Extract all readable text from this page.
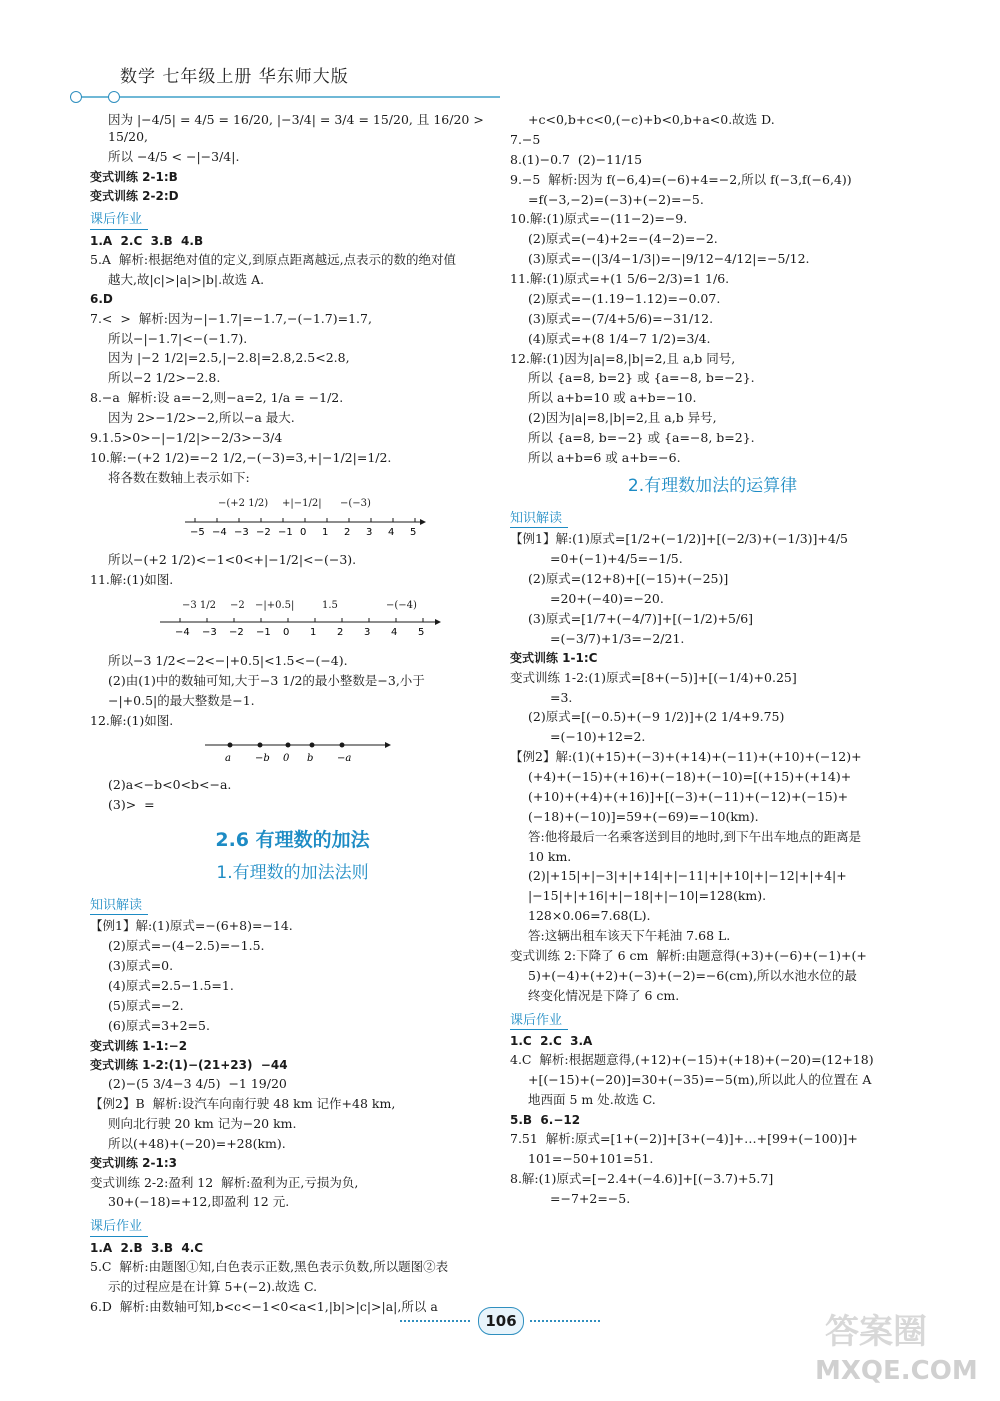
数学 七年级上册 华东师大版

因为 |−4/5| = 4/5 = 16/20, |−3/4| = 3/4 = 15/20, 且 16/20 > 15/20,

所以 −4/5 < −|−3/4|.

变式训练 2-1:B

变式训练 2-2:D

课后作业

1.A  2.C  3.B  4.B

5.A  解析:根据绝对值的定义,到原点距离越远,点表示的数的绝对值

越大,故|c|>|a|>|b|.故选 A.

6.D

7.<  >  解析:因为−|−1.7|=−1.7,−(−1.7)=1.7,

所以−|−1.7|<−(−1.7).

因为 |−2 1/2|=2.5,|−2.8|=2.8,2.5<2.8,

所以−2 1/2>−2.8.

8.−a  解析:设 a=−2,则−a=2, 1/a = −1/2.

因为 2>−1/2>−2,所以−a 最大.

9.1.5>0>−|−1/2|>−2/3>−3/4

10.解:−(+2 1/2)=−2 1/2,−(−3)=3,+|−1/2|=1/2.

将各数在数轴上表示如下:

−(+2 1/2) +|−1/2| −(−3)
−5 −4 −3 −2 −1 0 1 2 3 4 5

所以−(+2 1/2)<−1<0<+|−1/2|<−(−3).

11.解:(1)如图.

−3 1/2 −2 −|+0.5|	1.5	−(−4)
−4 −3 −2 −1 0 1 2 3 4 5

所以−3 1/2<−2<−|+0.5|<1.5<−(−4).

(2)由(1)中的数轴可知,大于−3 1/2的最小整数是−3,小于

−|+0.5|的最大整数是−1.

12.解:(1)如图.

a −b 0 b −a

(2)a<−b<0<b<−a.

(3)>  =

2.6 有理数的加法
1.有理数的加法法则
知识解读

【例1】解:(1)原式=−(6+8)=−14.

(2)原式=−(4−2.5)=−1.5.

(3)原式=0.

(4)原式=2.5−1.5=1.

(5)原式=−2.

(6)原式=3+2=5.

变式训练 1-1:−2

变式训练 1-2:(1)−(21+23)  −44

(2)−(5 3/4−3 4/5)  −1 19/20

【例2】B  解析:设汽车向南行驶 48 km 记作+48 km,

则向北行驶 20 km 记为−20 km.

所以(+48)+(−20)=+28(km).

变式训练 2-1:3

变式训练 2-2:盈利 12  解析:盈利为正,亏损为负,

30+(−18)=+12,即盈利 12 元.

课后作业

1.A  2.B  3.B  4.C

5.C  解析:由题图①知,白色表示正数,黑色表示负数,所以题图②表

示的过程应是在计算 5+(−2).故选 C.

6.D  解析:由数轴可知,b<c<−1<0<a<1,|b|>|c|>|a|,所以 a

+c<0,b+c<0,(−c)+b<0,b+a<0.故选 D.

7.−5

8.(1)−0.7  (2)−11/15

9.−5  解析:因为 f(−6,4)=(−6)+4=−2,所以 f(−3,f(−6,4))

=f(−3,−2)=(−3)+(−2)=−5.

10.解:(1)原式=−(11−2)=−9.

(2)原式=(−4)+2=−(4−2)=−2.

(3)原式=−(|3/4−1/3|)=−|9/12−4/12|=−5/12.

11.解:(1)原式=+(1 5/6−2/3)=1 1/6.

(2)原式=−(1.19−1.12)=−0.07.

(3)原式=−(7/4+5/6)=−31/12.

(4)原式=+(8 1/4−7 1/2)=3/4.

12.解:(1)因为|a|=8,|b|=2,且 a,b 同号,

所以 {a=8, b=2} 或 {a=−8, b=−2}.

所以 a+b=10 或 a+b=−10.

(2)因为|a|=8,|b|=2,且 a,b 异号,

所以 {a=8, b=−2} 或 {a=−8, b=2}.

所以 a+b=6 或 a+b=−6.

2.有理数加法的运算律
知识解读

【例1】解:(1)原式=[1/2+(−1/2)]+[(−2/3)+(−1/3)]+4/5

=0+(−1)+4/5=−1/5.

(2)原式=(12+8)+[(−15)+(−25)]

=20+(−40)=−20.

(3)原式=[1/7+(−4/7)]+[(−1/2)+5/6]

=(−3/7)+1/3=−2/21.

变式训练 1-1:C

变式训练 1-2:(1)原式=[8+(−5)]+[(−1/4)+0.25]

=3.

(2)原式=[(−0.5)+(−9 1/2)]+(2 1/4+9.75)

=(−10)+12=2.

【例2】解:(1)(+15)+(−3)+(+14)+(−11)+(+10)+(−12)+

(+4)+(−15)+(+16)+(−18)+(−10)=[(+15)+(+14)+

(+10)+(+4)+(+16)]+[(−3)+(−11)+(−12)+(−15)+

(−18)+(−10)]=59+(−69)=−10(km).

答:他将最后一名乘客送到目的地时,到下午出车地点的距离是

10 km.

(2)|+15|+|−3|+|+14|+|−11|+|+10|+|−12|+|+4|+

|−15|+|+16|+|−18|+|−10|=128(km).

128×0.06=7.68(L).

答:这辆出租车该天下午耗油 7.68 L.

变式训练 2:下降了 6 cm  解析:由题意得(+3)+(−6)+(−1)+(+

5)+(−4)+(+2)+(−3)+(−2)=−6(cm),所以水池水位的最

终变化情况是下降了 6 cm.

课后作业

1.C  2.C  3.A

4.C  解析:根据题意得,(+12)+(−15)+(+18)+(−20)=(12+18)

+[(−15)+(−20)]=30+(−35)=−5(m),所以此人的位置在 A

地西面 5 m 处.故选 C.

5.B  6.−12

7.51  解析:原式=[1+(−2)]+[3+(−4)]+…+[99+(−100)]+

101=−50+101=51.

8.解:(1)原式=[−2.4+(−4.6)]+[(−3.7)+5.7]

=−7+2=−5.

106	答案圈
MXQE.COM
